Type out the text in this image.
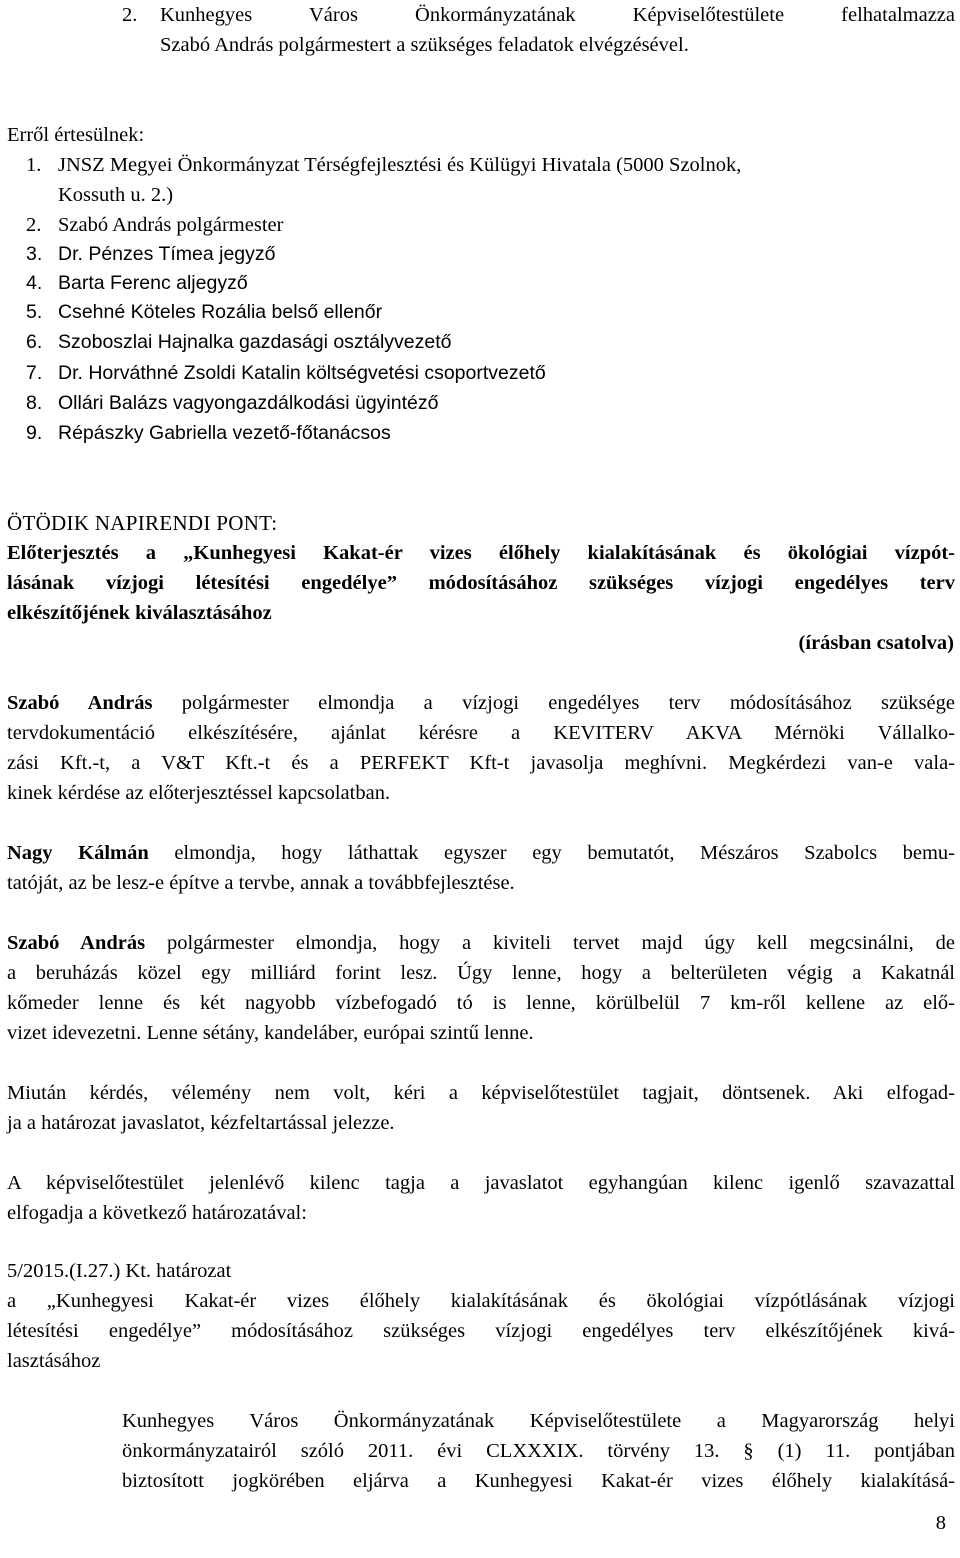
2. Kunhegyes Város Önkormányzatának Képviselőtestülete felhatalmazza
Szabó András polgármestert a szükséges feladatok elvégzésével.
Erről értesülnek:
1. JNSZ Megyei Önkormányzat Térségfejlesztési és Külügyi Hivatala (5000 Szolnok,
Kossuth u. 2.)
2. Szabó András polgármester
3. Dr. Pénzes Tímea jegyző
4. Barta Ferenc aljegyző
5. Csehné Köteles Rozália belső ellenőr
6. Szoboszlai Hajnalka gazdasági osztályvezető
7. Dr. Horváthné Zsoldi Katalin költségvetési csoportvezető
8. Ollári Balázs vagyongazdálkodási ügyintéző
9. Répászky Gabriella vezető-főtanácsos
ÖTÖDIK NAPIRENDI PONT:
Előterjesztés a „Kunhegyesi Kakat-ér vizes élőhely kialakításának és ökológiai vízpót-
lásának vízjogi létesítési engedélye” módosításához szükséges vízjogi engedélyes terv
elkészítőjének kiválasztásához
(írásban csatolva)
Szabó András polgármester elmondja a vízjogi engedélyes terv módosításához szüksége
tervdokumentáció elkészítésére, ajánlat kérésre a KEVITERV AKVA Mérnöki Vállalko-
zási Kft.-t, a V&T Kft.-t és a PERFEKT Kft-t javasolja meghívni. Megkérdezi van-e vala-
kinek kérdése az előterjesztéssel kapcsolatban.
Nagy Kálmán elmondja, hogy láthattak egyszer egy bemutatót, Mészáros Szabolcs bemu-
tatóját, az be lesz-e építve a tervbe, annak a továbbfejlesztése.
Szabó András polgármester elmondja, hogy a kiviteli tervet majd úgy kell megcsinálni, de
a beruházás közel egy milliárd forint lesz. Úgy lenne, hogy a belterületen végig a Kakatnál
kőmeder lenne és két nagyobb vízbefogadó tó is lenne, körülbelül 7 km-ről kellene az elő-
vizet idevezetni. Lenne sétány, kandeláber, európai szintű lenne.
Miután kérdés, vélemény nem volt, kéri a képviselőtestület tagjait, döntsenek. Aki elfogad-
ja a határozat javaslatot, kézfeltartással jelezze.
A képviselőtestület jelenlévő kilenc tagja a javaslatot egyhangúan kilenc igenlő szavazattal
elfogadja a következő határozatával:
5/2015.(I.27.) Kt. határozat
a „Kunhegyesi Kakat-ér vizes élőhely kialakításának és ökológiai vízpótlásának vízjogi
létesítési engedélye” módosításához szükséges vízjogi engedélyes terv elkészítőjének kivá-
lasztásához
Kunhegyes Város Önkormányzatának Képviselőtestülete a Magyarország helyi
önkormányzatairól szóló 2011. évi CLXXXIX. törvény 13. § (1) 11. pontjában
biztosított jogkörében eljárva a Kunhegyesi Kakat-ér vizes élőhely kialakításá-
8
